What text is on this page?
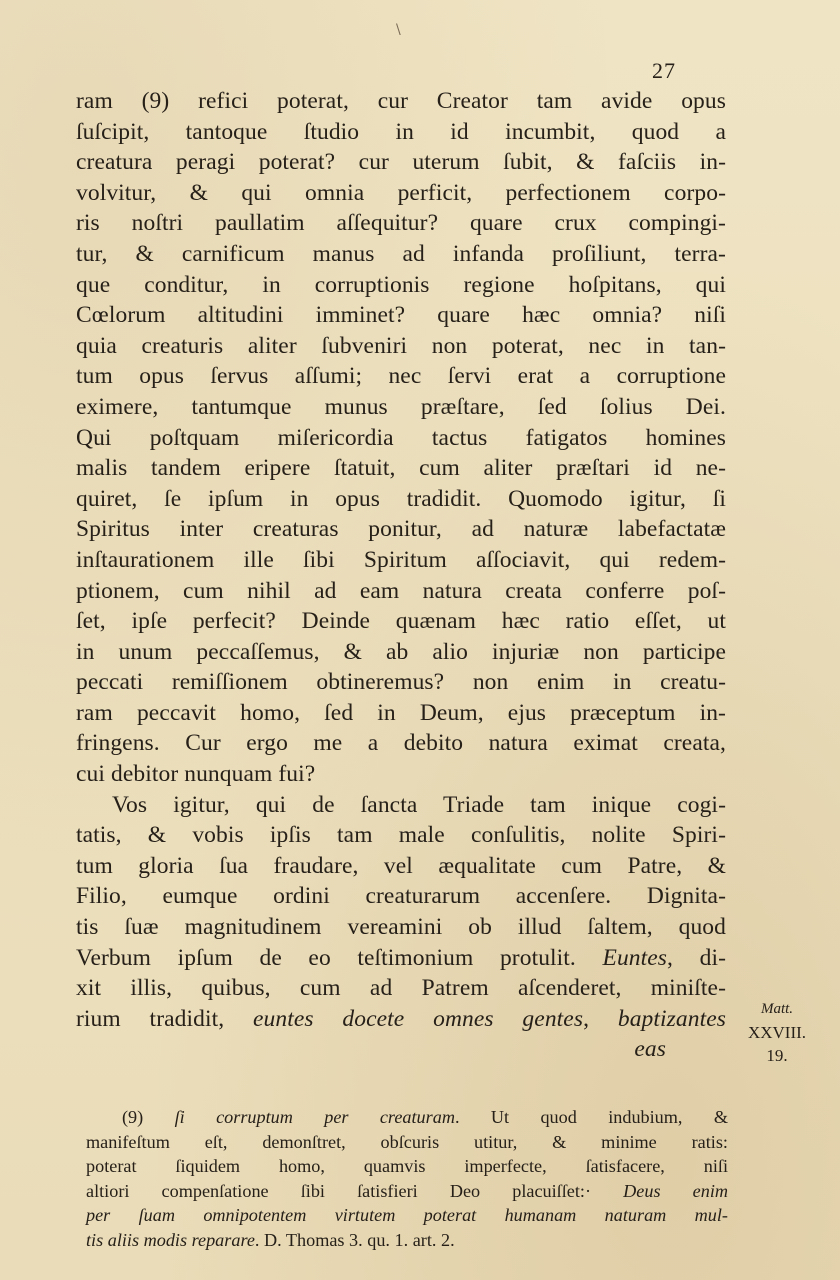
\
27
ram (9) refici poterat, cur Creator tam avide opus
ſuſcipit, tantoque ſtudio in id incumbit, quod a
creatura peragi poterat? cur uterum ſubit, & faſciis in-
volvitur, & qui omnia perficit, perfectionem corpo-
ris noſtri paullatim aſſequitur? quare crux compingi-
tur, & carnificum manus ad infanda proſiliunt, terra-
que conditur, in corruptionis regione hoſpitans, qui
Cœlorum altitudini imminet? quare hæc omnia? niſi
quia creaturis aliter ſubveniri non poterat, nec in tan-
tum opus ſervus aſſumi; nec ſervi erat a corruptione
eximere, tantumque munus præſtare, ſed ſolius Dei.
Qui poſtquam miſericordia tactus fatigatos homines
malis tandem eripere ſtatuit, cum aliter præſtari id ne-
quiret, ſe ipſum in opus tradidit. Quomodo igitur, ſi
Spiritus inter creaturas ponitur, ad naturæ labefactatæ
inſtaurationem ille ſibi Spiritum aſſociavit, qui redem-
ptionem, cum nihil ad eam natura creata conferre poſ-
ſet, ipſe perfecit? Deinde quænam hæc ratio eſſet, ut
in unum peccaſſemus, & ab alio injuriæ non participe
peccati remiſſionem obtineremus? non enim in creatu-
ram peccavit homo, ſed in Deum, ejus præceptum in-
fringens. Cur ergo me a debito natura eximat creata,
cui debitor nunquam fui?
Vos igitur, qui de ſancta Triade tam inique cogi-
tatis, & vobis ipſis tam male conſulitis, nolite Spiri-
tum gloria ſua fraudare, vel æqualitate cum Patre, &
Filio, eumque ordini creaturarum accenſere. Dignita-
tis ſuæ magnitudinem vereamini ob illud ſaltem, quod
Verbum ipſum de eo teſtimonium protulit. Euntes, di-
xit illis, quibus, cum ad Patrem aſcenderet, miniſte-
rium tradidit, euntes docete omnes gentes, baptizantes
eas
Matt.
XXVIII.
19.
(9) ſi corruptum per creaturam. Ut quod indubium, &
manifeſtum eſt, demonſtret, obſcuris utitur, & minime ratis:
poterat ſiquidem homo, quamvis imperfecte, ſatisfacere, niſi
altiori compenſatione ſibi ſatisfieri Deo placuiſſet:· Deus enim
per ſuam omnipotentem virtutem poterat humanam naturam mul-
tis aliis modis reparare. D. Thomas 3. qu. 1. art. 2.
